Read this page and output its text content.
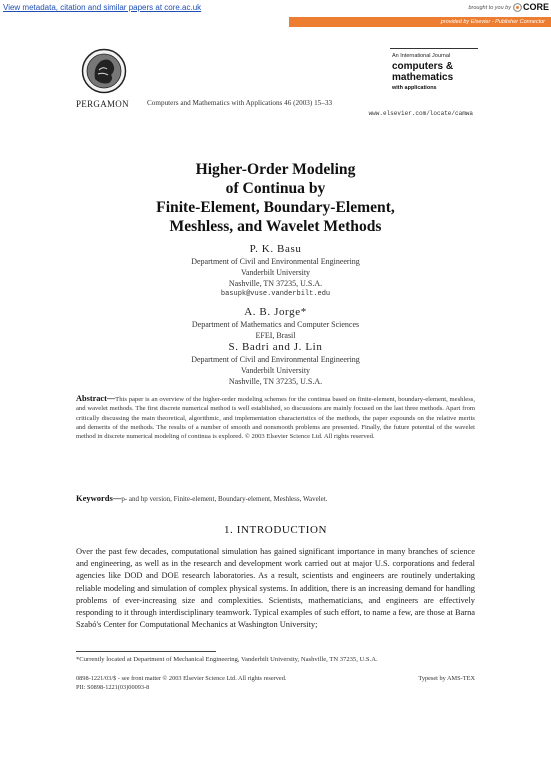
View metadata, citation and similar papers at core.ac.uk	brought to you by CORE
provided by Elsevier - Publisher Connector
PERGAMON	Computers and Mathematics with Applications 46 (2003) 15–33
An International Journal
computers & mathematics
with applications
www.elsevier.com/locate/camwa
Higher-Order Modeling
of Continua by
Finite-Element, Boundary-Element,
Meshless, and Wavelet Methods
P. K. Basu
Department of Civil and Environmental Engineering
Vanderbilt University
Nashville, TN 37235, U.S.A.
basupk@vuse.vanderbilt.edu
A. B. Jorge*
Department of Mathematics and Computer Sciences
EFEI, Brasil
S. Badri and J. Lin
Department of Civil and Environmental Engineering
Vanderbilt University
Nashville, TN 37235, U.S.A.
Abstract—This paper is an overview of the higher-order modeling schemes for the continua based on finite-element, boundary-element, meshless, and wavelet methods. The first discrete numerical method is well established, so discussions are mainly focused on the last three methods. Apart from critically discussing the main theoretical, algorithmic, and implementation characteristics of the methods, the paper expounds on the relative merits and demerits of the methods. The results of a number of smooth and nonsmooth problems are presented. Finally, the future potential of the wavelet method in discrete numerical modeling of continua is explored. © 2003 Elsevier Science Ltd. All rights reserved.
Keywords—p- and hp version, Finite-element, Boundary-element, Meshless, Wavelet.
1. INTRODUCTION
Over the past few decades, computational simulation has gained significant importance in many branches of science and engineering, as well as in the research and development work carried out at major U.S. corporations and federal agencies like DOD and DOE research laboratories. As a result, scientists and engineers are routinely undertaking reliable modeling and simulation of complex physical systems. In addition, there is an increasing demand for handling problems of ever-increasing size and complexities. Scientists, mathematicians, and engineers are effectively responding to it through interdisciplinary teamwork. Typical examples of such effort, to name a few, are those at Barna Szabó's Center for Computational Mechanics at Washington University;
*Currently located at Department of Mechanical Engineering, Vanderbilt University, Nashville, TN 37235, U.S.A.
0898-1221/03/$ - see front matter © 2003 Elsevier Science Ltd. All rights reserved.	Typeset by AMS-TEX
PII: S0898-1221(03)00093-8
